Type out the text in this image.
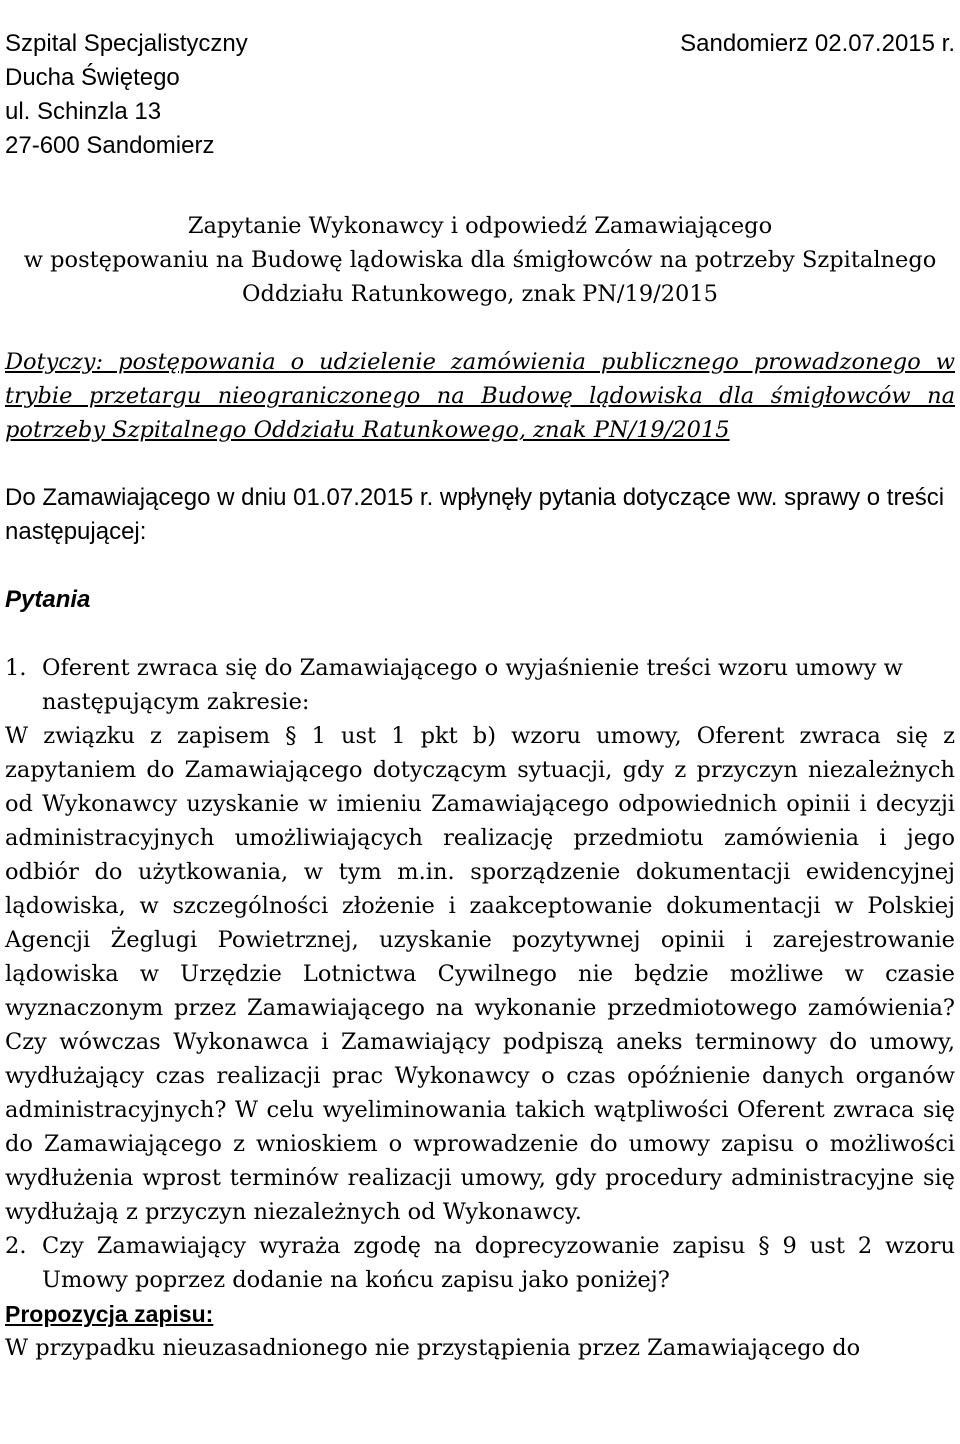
Szpital Specjalistyczny
Ducha Świętego
ul. Schinzla 13
27-600 Sandomierz
Sandomierz 02.07.2015 r.
Zapytanie Wykonawcy i odpowiedź Zamawiającego
w postępowaniu na Budowę lądowiska dla śmigłowców na potrzeby Szpitalnego Oddziału Ratunkowego, znak PN/19/2015
Dotyczy: postępowania o udzielenie zamówienia publicznego prowadzonego w trybie przetargu nieograniczonego na Budowę lądowiska dla śmigłowców na potrzeby Szpitalnego Oddziału Ratunkowego, znak PN/19/2015
Do Zamawiającego w dniu 01.07.2015 r. wpłynęły pytania dotyczące ww. sprawy o treści następującej:
Pytania
1. Oferent zwraca się do Zamawiającego o wyjaśnienie treści wzoru umowy w następującym zakresie:
W związku z zapisem § 1 ust 1 pkt b) wzoru umowy, Oferent zwraca się z zapytaniem do Zamawiającego dotyczącym sytuacji, gdy z przyczyn niezależnych od Wykonawcy uzyskanie w imieniu Zamawiającego odpowiednich opinii i decyzji administracyjnych umożliwiających realizację przedmiotu zamówienia i jego odbiór do użytkowania, w tym m.in. sporządzenie dokumentacji ewidencyjnej lądowiska, w szczególności złożenie i zaakceptowanie dokumentacji w Polskiej Agencji Żeglugi Powietrznej, uzyskanie pozytywnej opinii i zarejestrowanie lądowiska w Urzędzie Lotnictwa Cywilnego nie będzie możliwe w czasie wyznaczonym przez Zamawiającego na wykonanie przedmiotowego zamówienia? Czy wówczas Wykonawca i Zamawiający podpiszą aneks terminowy do umowy, wydłużający czas realizacji prac Wykonawcy o czas opóźnienie danych organów administracyjnych? W celu wyeliminowania takich wątpliwości Oferent zwraca się do Zamawiającego z wnioskiem o wprowadzenie do umowy zapisu o możliwości wydłużenia wprost terminów realizacji umowy, gdy procedury administracyjne się wydłużają z przyczyn niezależnych od Wykonawcy.
2. Czy Zamawiający wyraża zgodę na doprecyzowanie zapisu § 9 ust 2 wzoru Umowy poprzez dodanie na końcu zapisu jako poniżej?
Propozycja zapisu:
W przypadku nieuzasadnionego nie przystąpienia przez Zamawiającego do
